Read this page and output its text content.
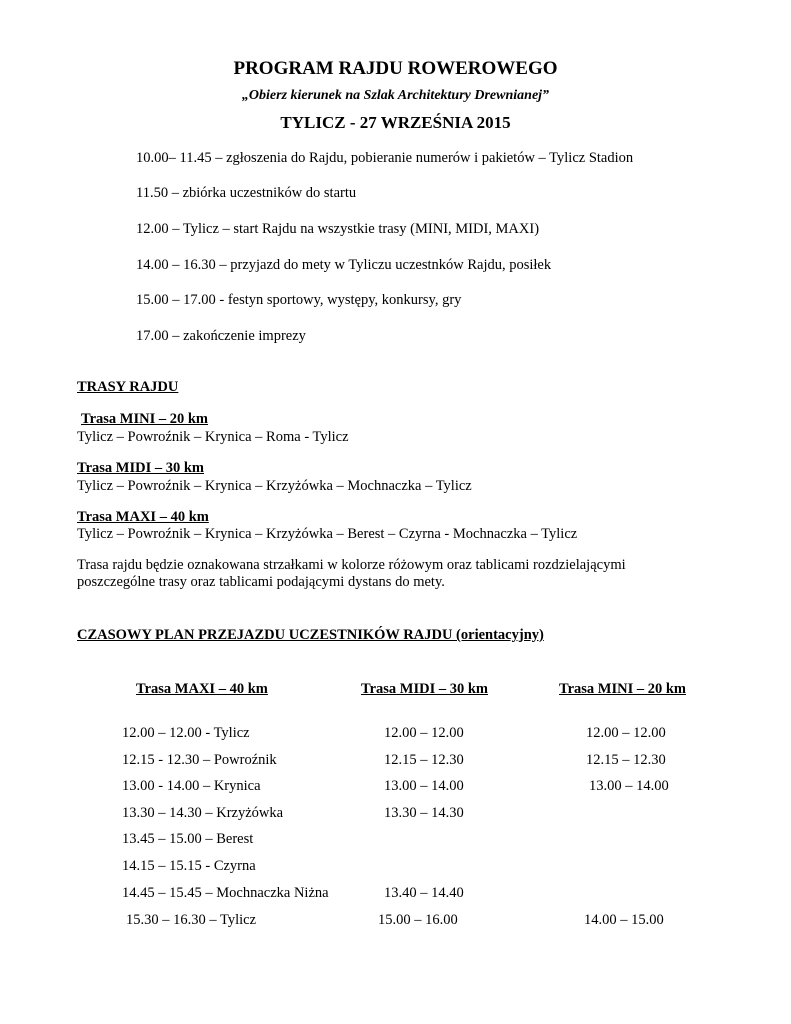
PROGRAM RAJDU ROWEROWEGO
„Obierz kierunek na Szlak Architektury Drewnianej”
TYLICZ - 27 WRZEŚNIA 2015
10.00– 11.45 – zgłoszenia do Rajdu, pobieranie numerów i pakietów – Tylicz Stadion
11.50 – zbiórka uczestników do startu
12.00 – Tylicz – start Rajdu na wszystkie trasy (MINI, MIDI, MAXI)
14.00 – 16.30 – przyjazd do mety w Tyliczu uczestnków Rajdu, posiłek
15.00 – 17.00 - festyn sportowy, występy, konkursy, gry
17.00 – zakończenie imprezy
TRASY RAJDU
Trasa MINI – 20 km
Tylicz – Powroźnik – Krynica – Roma - Tylicz
Trasa MIDI – 30 km
Tylicz – Powroźnik – Krynica – Krzyżówka – Mochnaczka – Tylicz
Trasa MAXI – 40 km
Tylicz – Powroźnik – Krynica – Krzyżówka – Berest – Czyrna - Mochnaczka – Tylicz
Trasa rajdu będzie oznakowana strzałkami w kolorze różowym oraz tablicami rozdzielającymi
poszczególne trasy oraz tablicami podającymi dystans do mety.
CZASOWY PLAN PRZEJAZDU UCZESTNIKÓW RAJDU (orientacyjny)
Trasa MAXI – 40 km	Trasa MIDI – 30 km	Trasa MINI – 20 km
12.00 – 12.00 - Tylicz	12.00 – 12.00	12.00 – 12.00
12.15 - 12.30 – Powroźnik	12.15 – 12.30	12.15 – 12.30
13.00 - 14.00 – Krynica	13.00 – 14.00	13.00 – 14.00
13.30 – 14.30 – Krzyżówka	13.30 – 14.30
13.45 – 15.00 – Berest
14.15 – 15.15 - Czyrna
14.45 – 15.45 – Mochnaczka Niżna	13.40 – 14.40
15.30 – 16.30 – Tylicz	15.00 – 16.00	14.00 – 15.00
